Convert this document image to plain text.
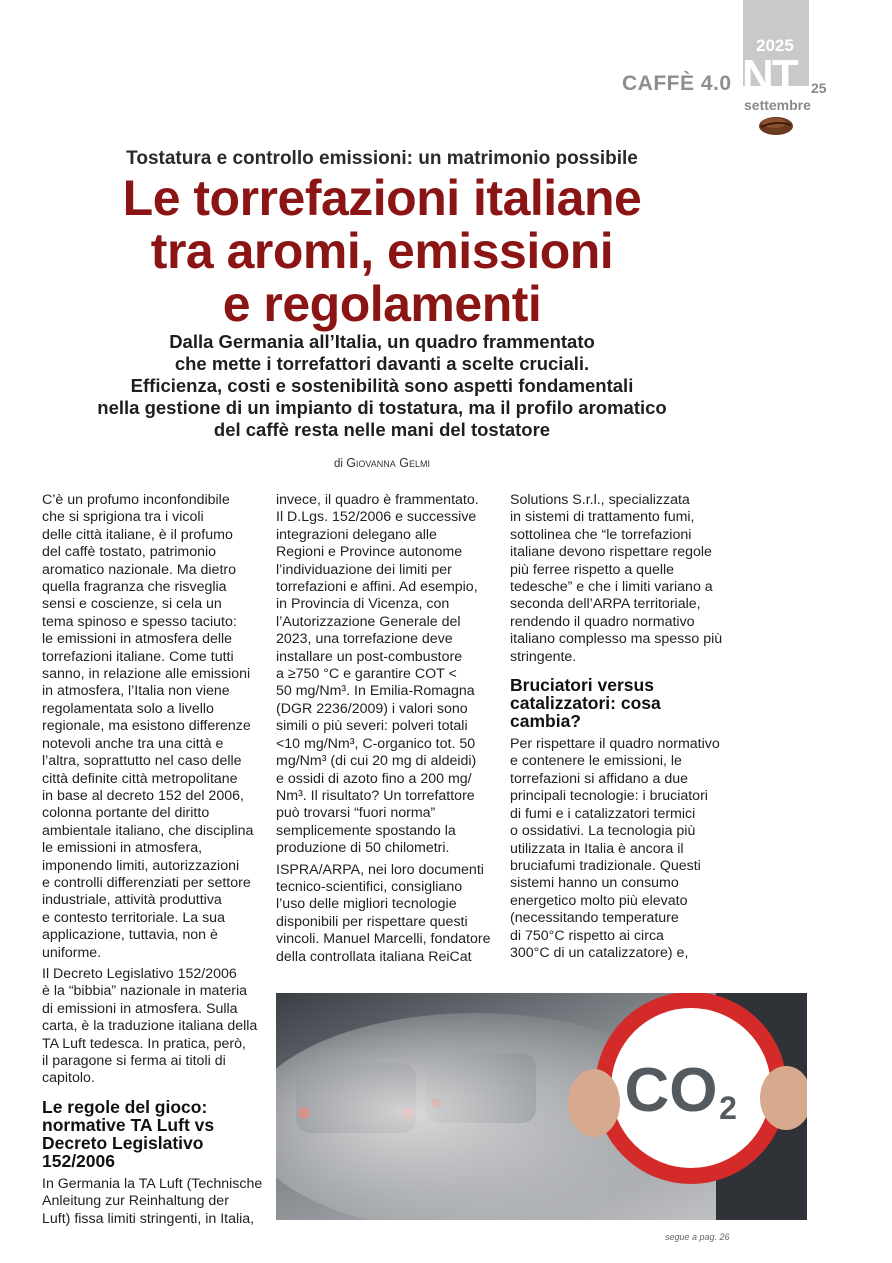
2025
NT 25
settembre
CAFFÈ 4.0
Tostatura e controllo emissioni: un matrimonio possibile
Le torrefazioni italiane
tra aromi, emissioni
e regolamenti
Dalla Germania all’Italia, un quadro frammentato
che mette i torrefattori davanti a scelte cruciali.
Efficienza, costi e sostenibilità sono aspetti fondamentali
nella gestione di un impianto di tostatura, ma il profilo aromatico
del caffè resta nelle mani del tostatore
di Giovanna Gelmi

C’è un profumo inconfondibile
che si sprigiona tra i vicoli
delle città italiane, è il profumo
del caffè tostato, patrimonio
aromatico nazionale. Ma dietro
quella fragranza che risveglia
sensi e coscienze, si cela un
tema spinoso e spesso taciuto:
le emissioni in atmosfera delle
torrefazioni italiane. Come tutti
sanno, in relazione alle emissioni
in atmosfera, l’Italia non viene
regolamentata solo a livello
regionale, ma esistono differenze
notevoli anche tra una città e
l’altra, soprattutto nel caso delle
città definite città metropolitane
in base al decreto 152 del 2006,
colonna portante del diritto
ambientale italiano, che disciplina
le emissioni in atmosfera,
imponendo limiti, autorizzazioni
e controlli differenziati per settore
industriale, attività produttiva
e contesto territoriale. La sua
applicazione, tuttavia, non è
uniforme.

Il Decreto Legislativo 152/2006
è la “bibbia” nazionale in materia
di emissioni in atmosfera. Sulla
carta, è la traduzione italiana della
TA Luft tedesca. In pratica, però,
il paragone si ferma ai titoli di
capitolo.

Le regole del gioco:
normative TA Luft vs
Decreto Legislativo
152/2006

In Germania la TA Luft (Technische
Anleitung zur Reinhaltung der
Luft) fissa limiti stringenti, in Italia,

invece, il quadro è frammentato.
Il D.Lgs. 152/2006 e successive
integrazioni delegano alle
Regioni e Province autonome
l’individuazione dei limiti per
torrefazioni e affini. Ad esempio,
in Provincia di Vicenza, con
l’Autorizzazione Generale del
2023, una torrefazione deve
installare un post-combustore
a ≥750 °C e garantire COT <
50 mg/Nm³. In Emilia-Romagna
(DGR 2236/2009) i valori sono
simili o più severi: polveri totali
<10 mg/Nm³, C-organico tot. 50
mg/Nm³ (di cui 20 mg di aldeidi)
e ossidi di azoto fino a 200 mg/
Nm³. Il risultato? Un torrefattore
può trovarsi “fuori norma”
semplicemente spostando la
produzione di 50 chilometri.

ISPRA/ARPA, nei loro documenti
tecnico-scientifici, consigliano
l’uso delle migliori tecnologie
disponibili per rispettare questi
vincoli. Manuel Marcelli, fondatore
della controllata italiana ReiCat

Solutions S.r.l., specializzata
in sistemi di trattamento fumi,
sottolinea che “le torrefazioni
italiane devono rispettare regole
più ferree rispetto a quelle
tedesche” e che i limiti variano a
seconda dell’ARPA territoriale,
rendendo il quadro normativo
italiano complesso ma spesso più
stringente.

Bruciatori versus
catalizzatori: cosa
cambia?

Per rispettare il quadro normativo
e contenere le emissioni, le
torrefazioni si affidano a due
principali tecnologie: i bruciatori
di fumi e i catalizzatori termici
o ossidativi. La tecnologia più
utilizzata in Italia è ancora il
bruciafumi tradizionale. Questi
sistemi hanno un consumo
energetico molto più elevato
(necessitando temperature
di 750°C rispetto ai circa
300°C di un catalizzatore) e,

CO 2
segue a pag. 26
